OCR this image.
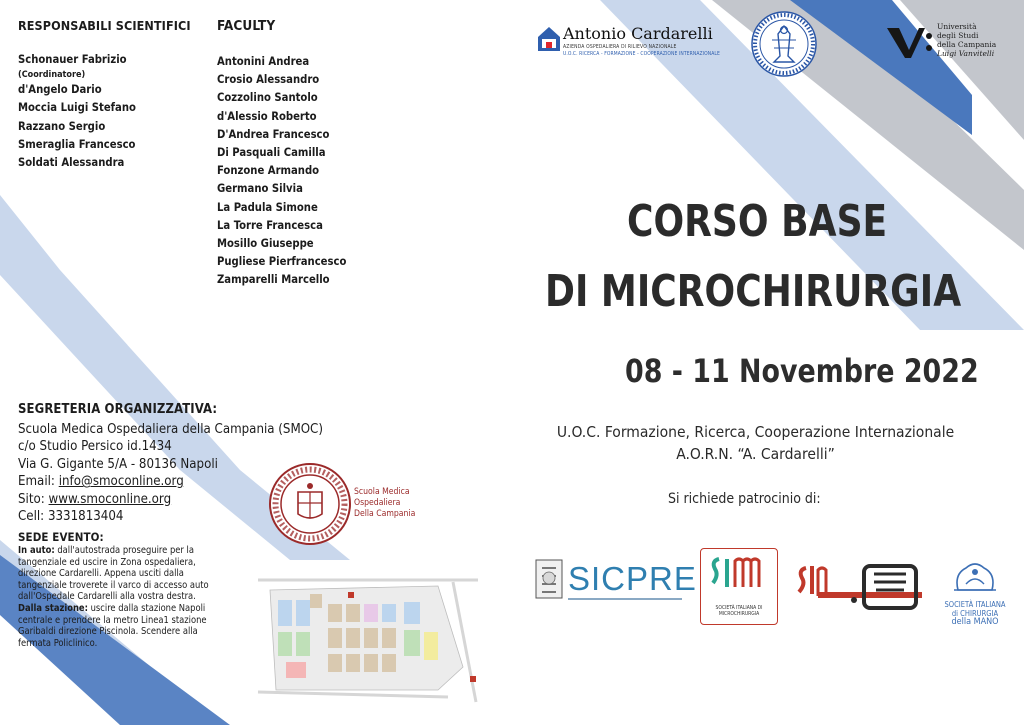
RESPONSABILI SCIENTIFICI
Schonauer Fabrizio
(Coordinatore)
d'Angelo Dario
Moccia Luigi Stefano
Razzano Sergio
Smeraglia Francesco
Soldati Alessandra
FACULTY
Antonini Andrea
Crosio Alessandro
Cozzolino Santolo
d'Alessio Roberto
D'Andrea Francesco
Di Pasquali Camilla
Fonzone Armando
Germano Silvia
La Padula Simone
La Torre Francesca
Mosillo Giuseppe
Pugliese Pierfrancesco
Zamparelli Marcello
Antonio Cardarelli
AZIENDA OSPEDALIERA DI RILIEVO NAZIONALE
U.O.C. RICERCA - FORMAZIONE - COOPERAZIONE INTERNAZIONALE
Università
degli Studi
della Campania
Luigi Vanvitelli
CORSO BASE
DI MICROCHIRURGIA
08 - 11 Novembre 2022
U.O.C. Formazione, Ricerca, Cooperazione Internazionale
A.O.R.N. “A. Cardarelli”
Si richiede patrocinio di:
SEGRETERIA ORGANIZZATIVA:
Scuola Medica Ospedaliera della Campania (SMOC)
c/o Studio Persico id.1434
Via G. Gigante 5/A - 80136 Napoli
Email: info@smoconline.org
Sito: www.smoconline.org
Cell: 3331813404
Scuola Medica
Ospedaliera
Della Campania
SEDE EVENTO:
In auto: dall'autostrada proseguire per la tangenziale ed uscire in Zona ospedaliera, direzione Cardarelli. Appena usciti dalla tangenziale troverete il varco di accesso auto dall'Ospedale Cardarelli alla vostra destra.
Dalla stazione: uscire dalla stazione Napoli centrale e prendere la metro Linea1 stazione Garibaldi direzione Piscinola. Scendere alla fermata Policlinico.
SICPRE
SOCIETÀ ITALIANA DI
MICROCHIRURGIA
SOCIETÀ ITALIANA
di CHIRURGIA
della MANO
